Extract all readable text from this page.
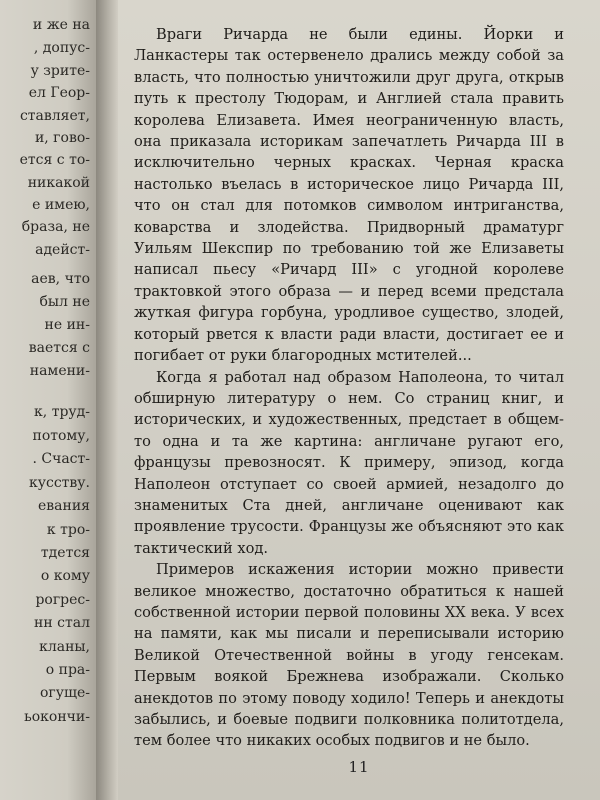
и же на
, допус-
у зрите-
ел Геор-
ставляет,
и, гово-
ется с то-
никакой
е имею,
браза, не
адейст-
аев, что
был не
не ин-
вается с
намени-
к, труд-
потому,
. Счаст-
кусству.
евания
к тро-
тдется
о кому
рогрес-
нн стал
кланы,
о пра-
огуще-
ьокончи-

Враги Ричарда не были едины. Йорки и Ланкастеры так остервенело дрались между собой за власть, что полностью уничтожили друг друга, открыв путь к престолу Тюдорам, и Англией стала править королева Елизавета. Имея неограниченную власть, она приказала историкам запечатлеть Ричарда III в исключительно черных красках. Черная краска настолько въелась в историческое лицо Ричарда III, что он стал для потомков символом интриганства, коварства и злодейства. Придворный драматург Уильям Шекспир по требованию той же Елизаветы написал пьесу «Ричард III» с угодной королеве трактовкой этого образа — и перед всеми предстала жуткая фигура горбуна, уродливое существо, злодей, который рвется к власти ради власти, достигает ее и погибает от руки благородных мстителей...

Когда я работал над образом Наполеона, то читал обширную литературу о нем. Со страниц книг, и исторических, и художественных, предстает в общем-то одна и та же картина: англичане ругают его, французы превозносят. К примеру, эпизод, когда Наполеон отступает со своей армией, незадолго до знаменитых Ста дней, англичане оценивают как проявление трусости. Французы же объясняют это как тактический ход.

Примеров искажения истории можно привести великое множество, достаточно обратиться к нашей собственной истории первой половины XX века. У всех на памяти, как мы писали и переписывали историю Великой Отечественной войны в угоду генсекам. Первым воякой Брежнева изображали. Сколько анекдотов по этому поводу ходило! Теперь и анекдоты забылись, и боевые подвиги полковника политотдела, тем более что никаких особых подвигов и не было.

11
